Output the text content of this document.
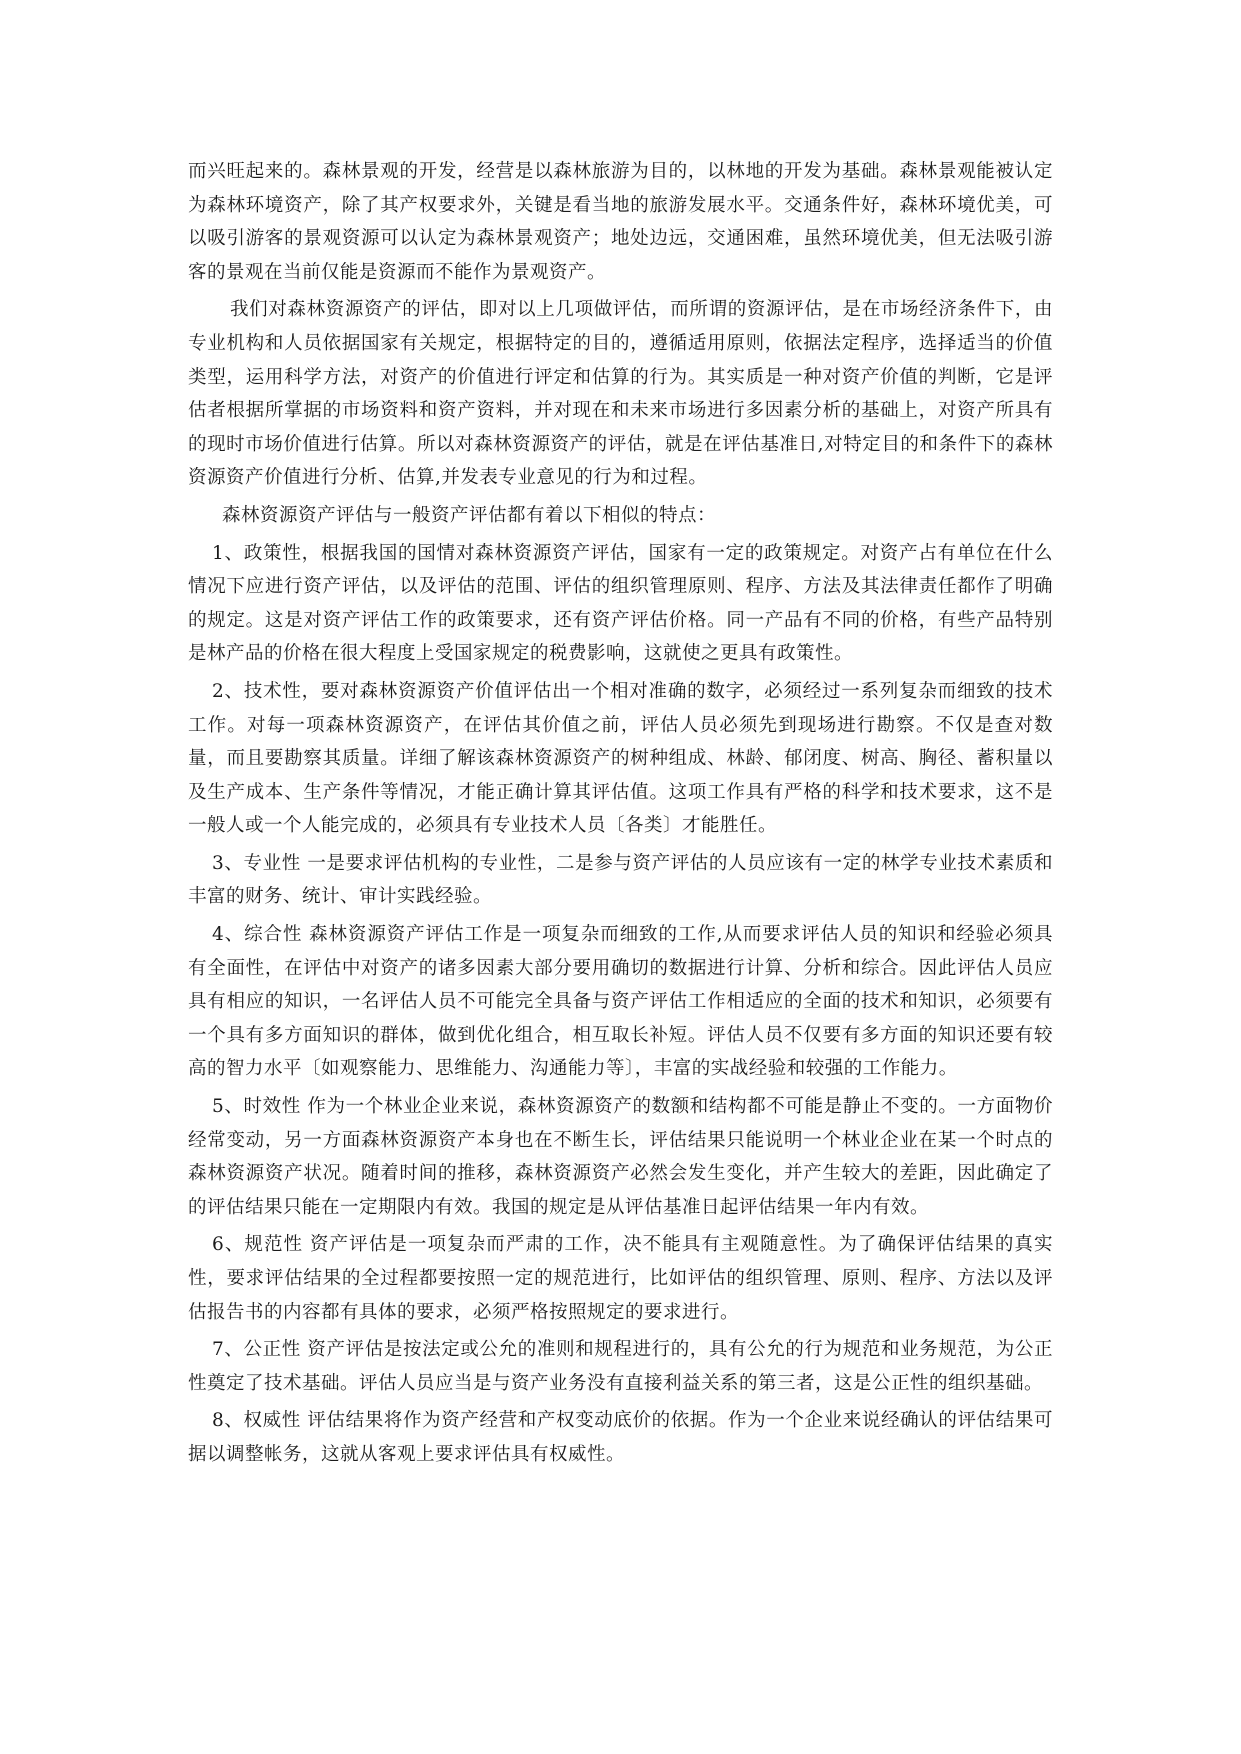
而兴旺起来的。森林景观的开发，经营是以森林旅游为目的，以林地的开发为基础。森林景观能被认定为森林环境资产，除了其产权要求外，关键是看当地的旅游发展水平。交通条件好，森林环境优美，可以吸引游客的景观资源可以认定为森林景观资产；地处边远，交通困难，虽然环境优美，但无法吸引游客的景观在当前仅能是资源而不能作为景观资产。

我们对森林资源资产的评估，即对以上几项做评估，而所谓的资源评估，是在市场经济条件下，由专业机构和人员依据国家有关规定，根据特定的目的，遵循适用原则，依据法定程序，选择适当的价值类型，运用科学方法，对资产的价值进行评定和估算的行为。其实质是一种对资产价值的判断，它是评估者根据所掌据的市场资料和资产资料，并对现在和未来市场进行多因素分析的基础上，对资产所具有的现时市场价值进行估算。所以对森林资源资产的评估，就是在评估基准日,对特定目的和条件下的森林资源资产价值进行分析、估算,并发表专业意见的行为和过程。

森林资源资产评估与一般资产评估都有着以下相似的特点：

1、政策性，根据我国的国情对森林资源资产评估，国家有一定的政策规定。对资产占有单位在什么情况下应进行资产评估，以及评估的范围、评估的组织管理原则、程序、方法及其法律责任都作了明确的规定。这是对资产评估工作的政策要求，还有资产评估价格。同一产品有不同的价格，有些产品特别是林产品的价格在很大程度上受国家规定的税费影响，这就使之更具有政策性。

2、技术性，要对森林资源资产价值评估出一个相对准确的数字，必须经过一系列复杂而细致的技术工作。对每一项森林资源资产，在评估其价值之前，评估人员必须先到现场进行勘察。不仅是查对数量，而且要勘察其质量。详细了解该森林资源资产的树种组成、林龄、郁闭度、树高、胸径、蓄积量以及生产成本、生产条件等情况，才能正确计算其评估值。这项工作具有严格的科学和技术要求，这不是一般人或一个人能完成的，必须具有专业技术人员〔各类〕才能胜任。

3、专业性 一是要求评估机构的专业性，二是参与资产评估的人员应该有一定的林学专业技术素质和丰富的财务、统计、审计实践经验。

4、综合性 森林资源资产评估工作是一项复杂而细致的工作,从而要求评估人员的知识和经验必须具有全面性，在评估中对资产的诸多因素大部分要用确切的数据进行计算、分析和综合。因此评估人员应具有相应的知识，一名评估人员不可能完全具备与资产评估工作相适应的全面的技术和知识，必须要有一个具有多方面知识的群体，做到优化组合，相互取长补短。评估人员不仅要有多方面的知识还要有较高的智力水平〔如观察能力、思维能力、沟通能力等〕，丰富的实战经验和较强的工作能力。

5、时效性 作为一个林业企业来说，森林资源资产的数额和结构都不可能是静止不变的。一方面物价经常变动，另一方面森林资源资产本身也在不断生长，评估结果只能说明一个林业企业在某一个时点的森林资源资产状况。随着时间的推移，森林资源资产必然会发生变化，并产生较大的差距，因此确定了的评估结果只能在一定期限内有效。我国的规定是从评估基准日起评估结果一年内有效。

6、规范性 资产评估是一项复杂而严肃的工作，决不能具有主观随意性。为了确保评估结果的真实性，要求评估结果的全过程都要按照一定的规范进行，比如评估的组织管理、原则、程序、方法以及评估报告书的内容都有具体的要求，必须严格按照规定的要求进行。

7、公正性 资产评估是按法定或公允的准则和规程进行的，具有公允的行为规范和业务规范，为公正性奠定了技术基础。评估人员应当是与资产业务没有直接利益关系的第三者，这是公正性的组织基础。

8、权威性 评估结果将作为资产经营和产权变动底价的依据。作为一个企业来说经确认的评估结果可据以调整帐务，这就从客观上要求评估具有权威性。
